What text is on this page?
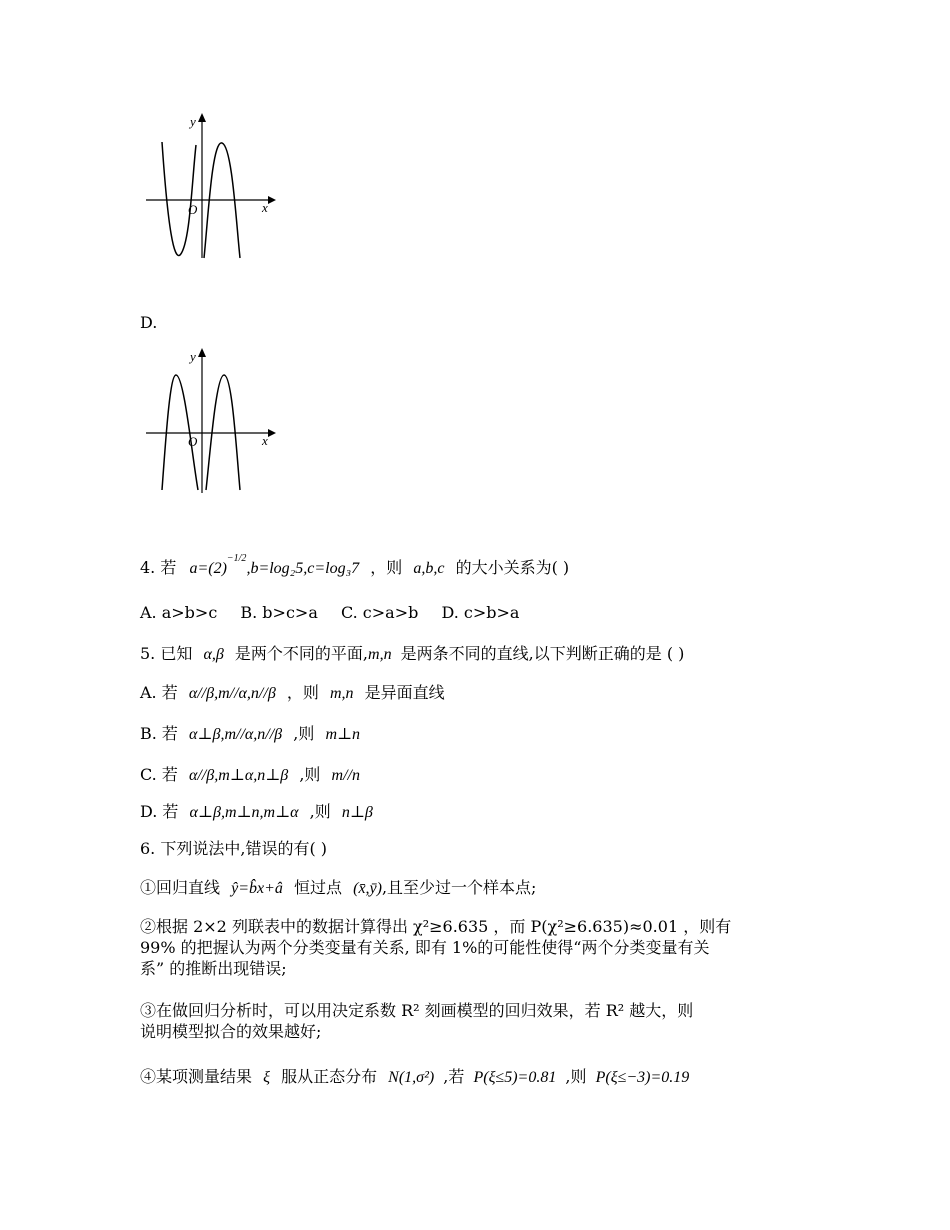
y
x
O
D.
y
x
O
4. 若 $a=(2)^{-1/2},b=\log_25,c=\log_37$ ，则 a,b,c 的大小关系为( )
A. a>b>c B. b>c>a C. c>a>b D. c>b>a
5. 已知 α,β 是两个不同的平面,m,n 是两条不同的直线,以下判断正确的是 ( )
A. 若 α//β,m//α,n//β ，则 m,n 是异面直线
B. 若 α⊥β,m//α,n//β ,则 m⊥n
C. 若 α//β,m⊥α,n⊥β ,则 m//n
D. 若 α⊥β,m⊥n,m⊥α ,则 n⊥β
6. 下列说法中,错误的有( )
①回归直线 ŷ=b̂x+â 恒过点 (x̄,ȳ),且至少过一个样本点;
②根据 2×2 列联表中的数据计算得出 χ²≥6.635 ，而 P(χ²≥6.635)≈0.01 ，则有
99% 的把握认为两个分类变量有关系, 即有 1%的可能性使得“两个分类变量有关
系” 的推断出现错误;
③在做回归分析时，可以用决定系数 R² 刻画模型的回归效果，若 R² 越大，则
说明模型拟合的效果越好;
④某项测量结果 ξ 服从正态分布 N(1,σ²) ,若 P(ξ≤5)=0.81 ,则 P(ξ≤−3)=0.19
